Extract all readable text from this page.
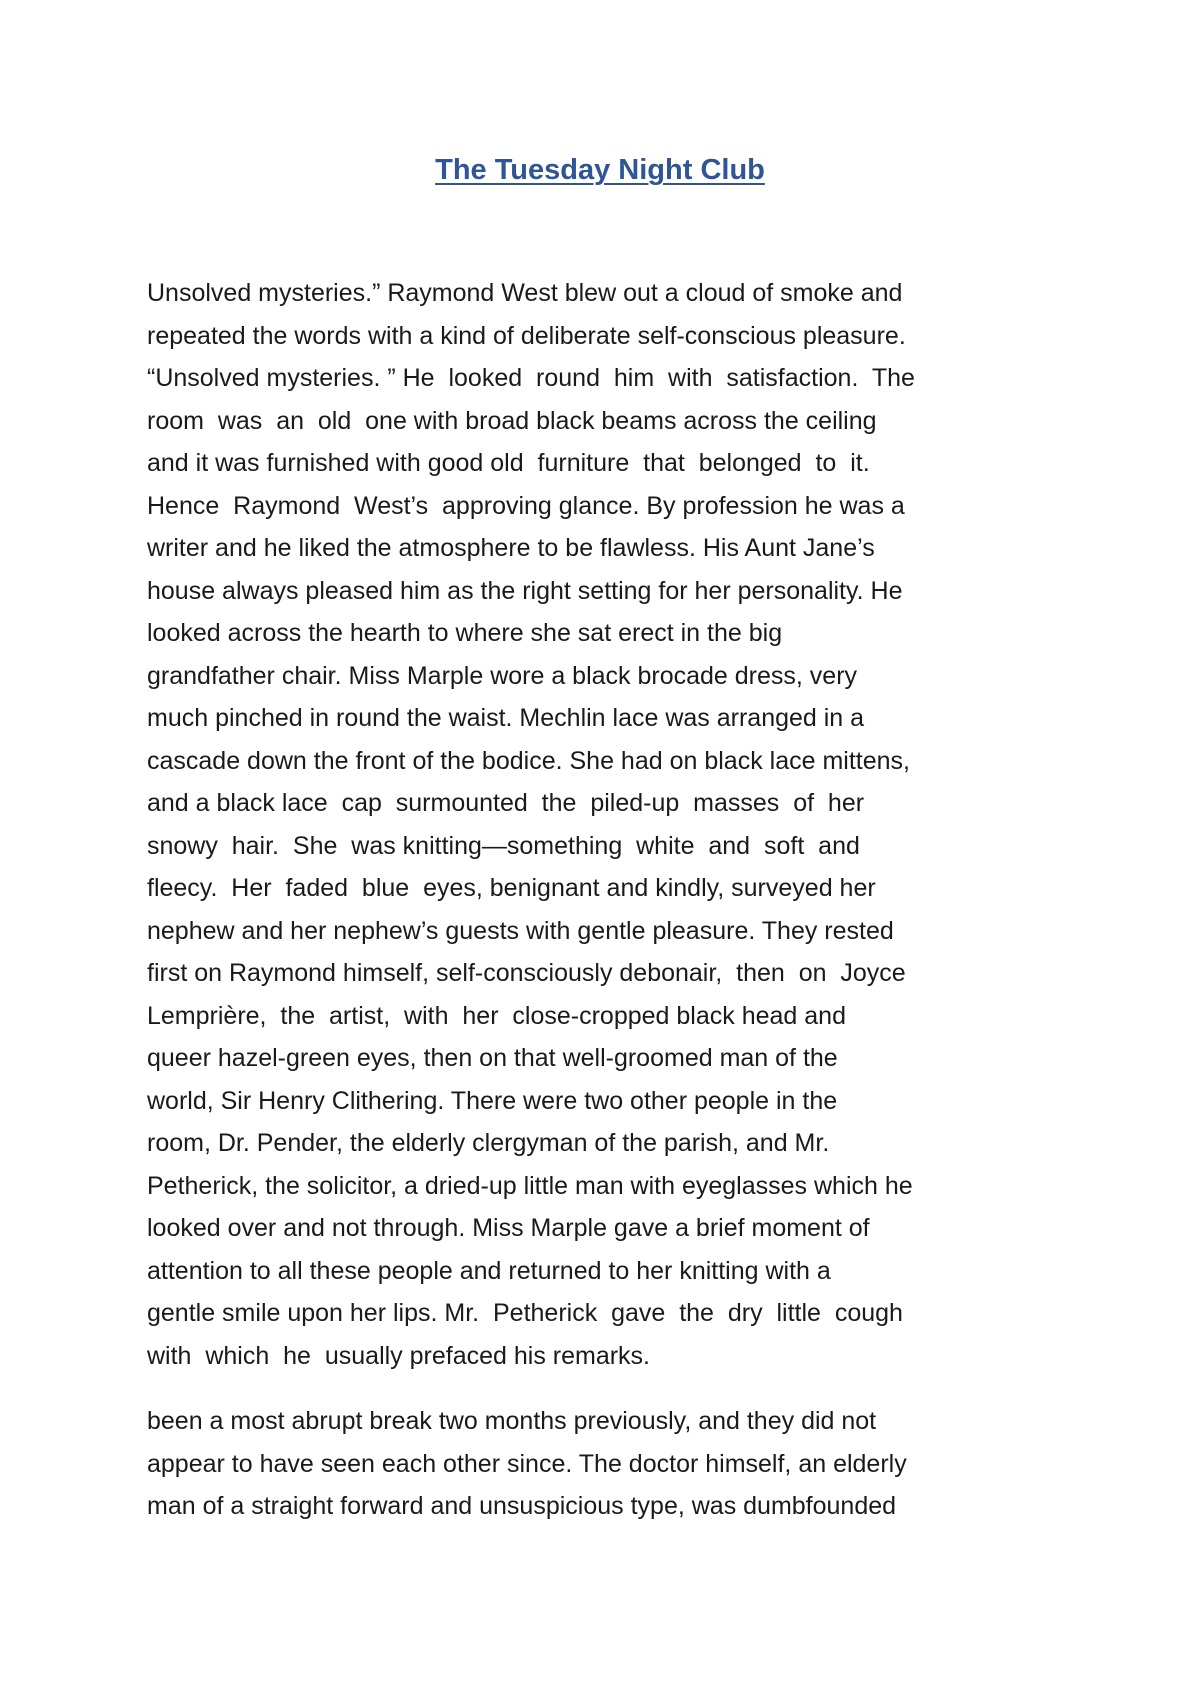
The Tuesday Night Club
Unsolved mysteries.” Raymond West blew out a cloud of smoke and
repeated the words with a kind of deliberate self-conscious pleasure.
“Unsolved mysteries. ” He  looked  round  him  with  satisfaction.  The
room  was  an  old  one with broad black beams across the ceiling
and it was furnished with good old  furniture  that  belonged  to  it.
Hence  Raymond  West’s  approving glance. By profession he was a
writer and he liked the atmosphere to be flawless. His Aunt Jane’s
house always pleased him as the right setting for her personality. He
looked across the hearth to where she sat erect in the big
grandfather chair. Miss Marple wore a black brocade dress, very
much pinched in round the waist. Mechlin lace was arranged in a
cascade down the front of the bodice. She had on black lace mittens,
and a black lace  cap  surmounted  the  piled-up  masses  of  her
snowy  hair.  She  was knitting—something  white  and  soft  and
fleecy.  Her  faded  blue  eyes, benignant and kindly, surveyed her
nephew and her nephew’s guests with gentle pleasure. They rested
first on Raymond himself, self-consciously debonair,  then  on  Joyce
Lemprière,  the  artist,  with  her  close-cropped black head and
queer hazel-green eyes, then on that well-groomed man of the
world, Sir Henry Clithering. There were two other people in the
room, Dr. Pender, the elderly clergyman of the parish, and Mr.
Petherick, the solicitor, a dried-up little man with eyeglasses which he
looked over and not through. Miss Marple gave a brief moment of
attention to all these people and returned to her knitting with a
gentle smile upon her lips. Mr.  Petherick  gave  the  dry  little  cough
with  which  he  usually prefaced his remarks.
been a most abrupt break two months previously, and they did not
appear to have seen each other since. The doctor himself, an elderly
man of a straight forward and unsuspicious type, was dumbfounded
